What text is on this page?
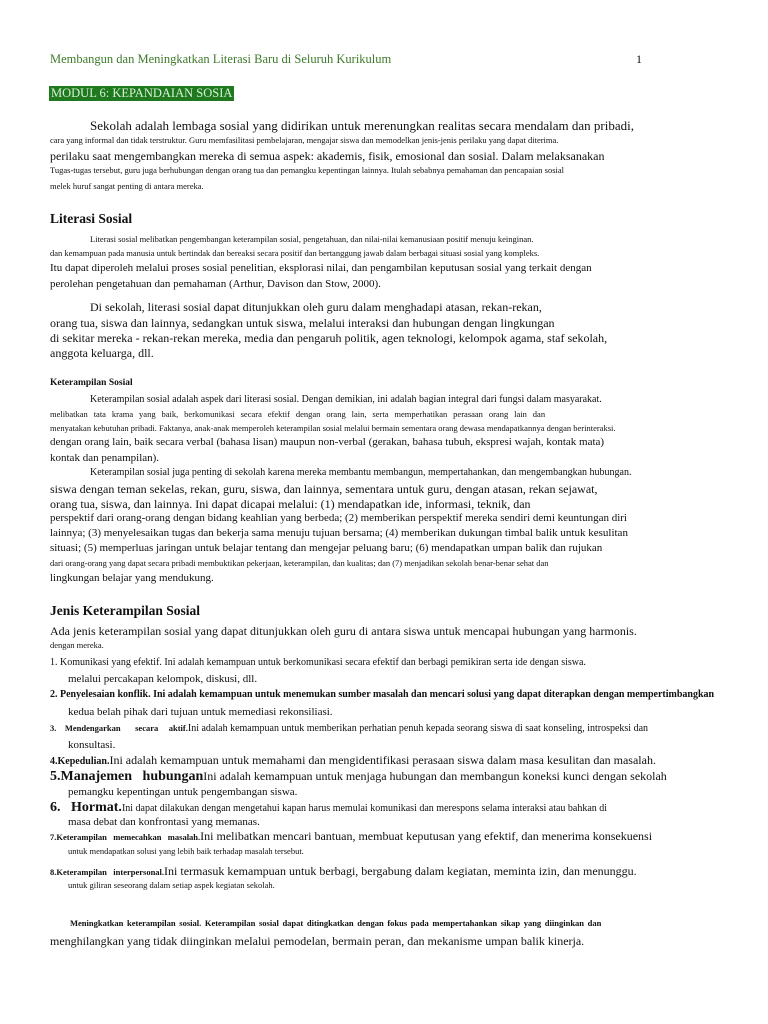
Membangun dan Meningkatkan Literasi Baru di Seluruh Kurikulum	1
MODUL 6: KEPANDAIAN SOSIA
Sekolah adalah lembaga sosial yang didirikan untuk merenungkan realitas secara mendalam dan pribadi,
cara yang informal dan tidak terstruktur. Guru memfasilitasi pembelajaran, mengajar siswa dan memodelkan jenis-jenis perilaku yang dapat diterima.
perilaku saat mengembangkan mereka di semua aspek: akademis, fisik, emosional dan sosial. Dalam melaksanakan
Tugas-tugas tersebut, guru juga berhubungan dengan orang tua dan pemangku kepentingan lainnya. Itulah sebabnya pemahaman dan pencapaian sosial
melek huruf sangat penting di antara mereka.
Literasi Sosial
Literasi sosial melibatkan pengembangan keterampilan sosial, pengetahuan, dan nilai-nilai kemanusiaan positif menuju keinginan.
dan kemampuan pada manusia untuk bertindak dan bereaksi secara positif dan bertanggung jawab dalam berbagai situasi sosial yang kompleks.
Itu dapat diperoleh melalui proses sosial penelitian, eksplorasi nilai, dan pengambilan keputusan sosial yang terkait dengan
perolehan pengetahuan dan pemahaman (Arthur, Davison dan Stow, 2000).
Di sekolah, literasi sosial dapat ditunjukkan oleh guru dalam menghadapi atasan, rekan-rekan,
orang tua, siswa dan lainnya, sedangkan untuk siswa, melalui interaksi dan hubungan dengan lingkungan
di sekitar mereka - rekan-rekan mereka, media dan pengaruh politik, agen teknologi, kelompok agama, staf sekolah,
anggota keluarga, dll.
Keterampilan Sosial
Keterampilan sosial adalah aspek dari literasi sosial. Dengan demikian, ini adalah bagian integral dari fungsi dalam masyarakat.
melibatkan tata krama yang baik, berkomunikasi secara efektif dengan orang lain, serta memperhatikan perasaan orang lain dan
menyatakan kebutuhan pribadi. Faktanya, anak-anak memperoleh keterampilan sosial melalui bermain sementara orang dewasa mendapatkannya dengan berinteraksi.
dengan orang lain, baik secara verbal (bahasa lisan) maupun non-verbal (gerakan, bahasa tubuh, ekspresi wajah, kontak mata)
kontak dan penampilan).
Keterampilan sosial juga penting di sekolah karena mereka membantu membangun, mempertahankan, dan mengembangkan hubungan.
siswa dengan teman sekelas, rekan, guru, siswa, dan lainnya, sementara untuk guru, dengan atasan, rekan sejawat,
orang tua, siswa, dan lainnya. Ini dapat dicapai melalui: (1) mendapatkan ide, informasi, teknik, dan
perspektif dari orang-orang dengan bidang keahlian yang berbeda; (2) memberikan perspektif mereka sendiri demi keuntungan diri
lainnya; (3) menyelesaikan tugas dan bekerja sama menuju tujuan bersama; (4) memberikan dukungan timbal balik untuk kesulitan
situasi; (5) memperluas jaringan untuk belajar tentang dan mengejar peluang baru; (6) mendapatkan umpan balik dan rujukan
dari orang-orang yang dapat secara pribadi membuktikan pekerjaan, keterampilan, dan kualitas; dan (7) menjadikan sekolah benar-benar sehat dan
lingkungan belajar yang mendukung.
Jenis Keterampilan Sosial
Ada jenis keterampilan sosial yang dapat ditunjukkan oleh guru di antara siswa untuk mencapai hubungan yang harmonis.
dengan mereka.
1. Komunikasi yang efektif. Ini adalah kemampuan untuk berkomunikasi secara efektif dan berbagi pemikiran serta ide dengan siswa.
melalui percakapan kelompok, diskusi, dll.
2. Penyelesaian konflik. Ini adalah kemampuan untuk menemukan sumber masalah dan mencari solusi yang dapat diterapkan dengan mempertimbangkan
kedua belah pihak dari tujuan untuk memediasi rekonsiliasi.
3. Mendengarkan secara aktif.Ini adalah kemampuan untuk memberikan perhatian penuh kepada seorang siswa di saat konseling, introspeksi dan
konsultasi.
4.Kepedulian.Ini adalah kemampuan untuk memahami dan mengidentifikasi perasaan siswa dalam masa kesulitan dan masalah.
5.Manajemen   hubunganIni adalah kemampuan untuk menjaga hubungan dan membangun koneksi kunci dengan sekolah
pemangku kepentingan untuk pengembangan siswa.
6.   Hormat.Ini dapat dilakukan dengan mengetahui kapan harus memulai komunikasi dan merespons selama interaksi atau bahkan di
masa debat dan konfrontasi yang memanas.
7.Keterampilan   memecahkan   masalah.Ini melibatkan mencari bantuan, membuat keputusan yang efektif, dan menerima konsekuensi
untuk mendapatkan solusi yang lebih baik terhadap masalah tersebut.
8.Keterampilan   interpersonal.Ini termasuk kemampuan untuk berbagi, bergabung dalam kegiatan, meminta izin, dan menunggu.
untuk giliran seseorang dalam setiap aspek kegiatan sekolah.
Meningkatkan keterampilan sosial. Keterampilan sosial dapat ditingkatkan dengan fokus pada mempertahankan sikap yang diinginkan dan
menghilangkan yang tidak diinginkan melalui pemodelan, bermain peran, dan mekanisme umpan balik kinerja.
